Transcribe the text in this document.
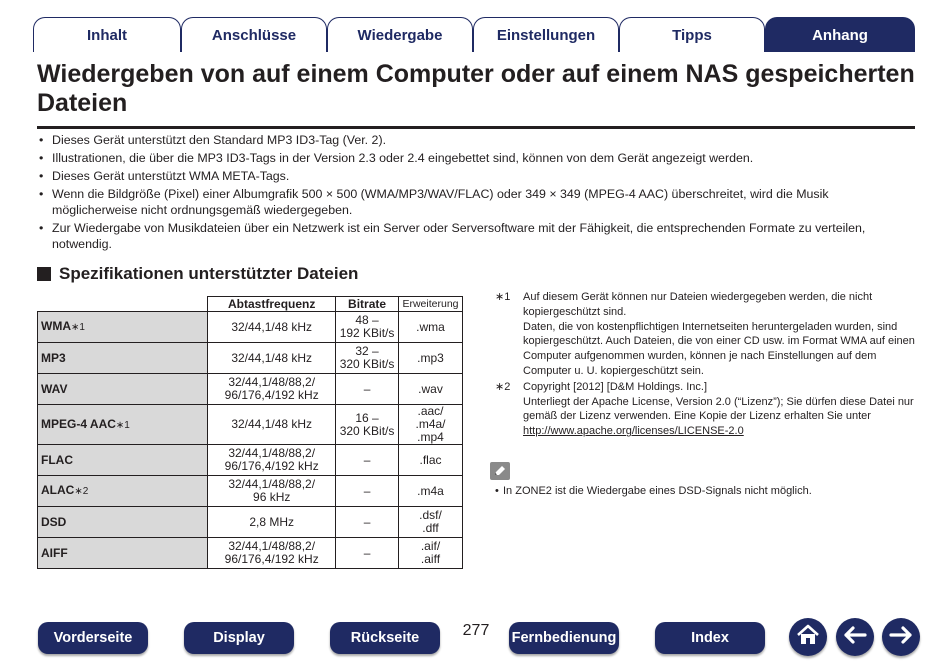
Inhalt	Anschlüsse	Wiedergabe	Einstellungen	Tipps	Anhang
Wiedergeben von auf einem Computer oder auf einem NAS gespeicherten Dateien
• Dieses Gerät unterstützt den Standard MP3 ID3-Tag (Ver. 2).
• Illustrationen, die über die MP3 ID3-Tags in der Version 2.3 oder 2.4 eingebettet sind, können von dem Gerät angezeigt werden.
• Dieses Gerät unterstützt WMA META-Tags.
• Wenn die Bildgröße (Pixel) einer Albumgrafik 500 × 500 (WMA/MP3/WAV/FLAC) oder 349 × 349 (MPEG-4 AAC) überschreitet, wird die Musik möglicherweise nicht ordnungsgemäß wiedergegeben.
• Zur Wiedergabe von Musikdateien über ein Netzwerk ist ein Server oder Serversoftware mit der Fähigkeit, die entsprechenden Formate zu verteilen, notwendig.
Spezifikationen unterstützter Dateien
	Abtastfrequenz	Bitrate	Erweiterung
WMA∗1	32/44,1/48 kHz	48 –
192 KBit/s	.wma
MP3	32/44,1/48 kHz	32 –
320 KBit/s	.mp3
WAV	32/44,1/48/88,2/
96/176,4/192 kHz	–	.wav
MPEG-4 AAC∗1	32/44,1/48 kHz	16 –
320 KBit/s	.aac/
.m4a/
.mp4
FLAC	32/44,1/48/88,2/
96/176,4/192 kHz	–	.flac
ALAC∗2	32/44,1/48/88,2/
96 kHz	–	.m4a
DSD	2,8 MHz	–	.dsf/
.dff
AIFF	32/44,1/48/88,2/
96/176,4/192 kHz	–	.aif/
.aiff
∗1 Auf diesem Gerät können nur Dateien wiedergegeben werden, die nicht kopiergeschützt sind.
Daten, die von kostenpflichtigen Internetseiten heruntergeladen wurden, sind kopiergeschützt. Auch Dateien, die von einer CD usw. im Format WMA auf einen Computer aufgenommen wurden, können je nach Einstellungen auf dem Computer u. U. kopiergeschützt sein.
∗2 Copyright [2012] [D&M Holdings. Inc.]
Unterliegt der Apache License, Version 2.0 (“Lizenz”); Sie dürfen diese Datei nur gemäß der Lizenz verwenden. Eine Kopie der Lizenz erhalten Sie unter
http://www.apache.org/licenses/LICENSE-2.0
• In ZONE2 ist die Wiedergabe eines DSD-Signals nicht möglich.
Vorderseite	Display	Rückseite	277	Fernbedienung	Index
